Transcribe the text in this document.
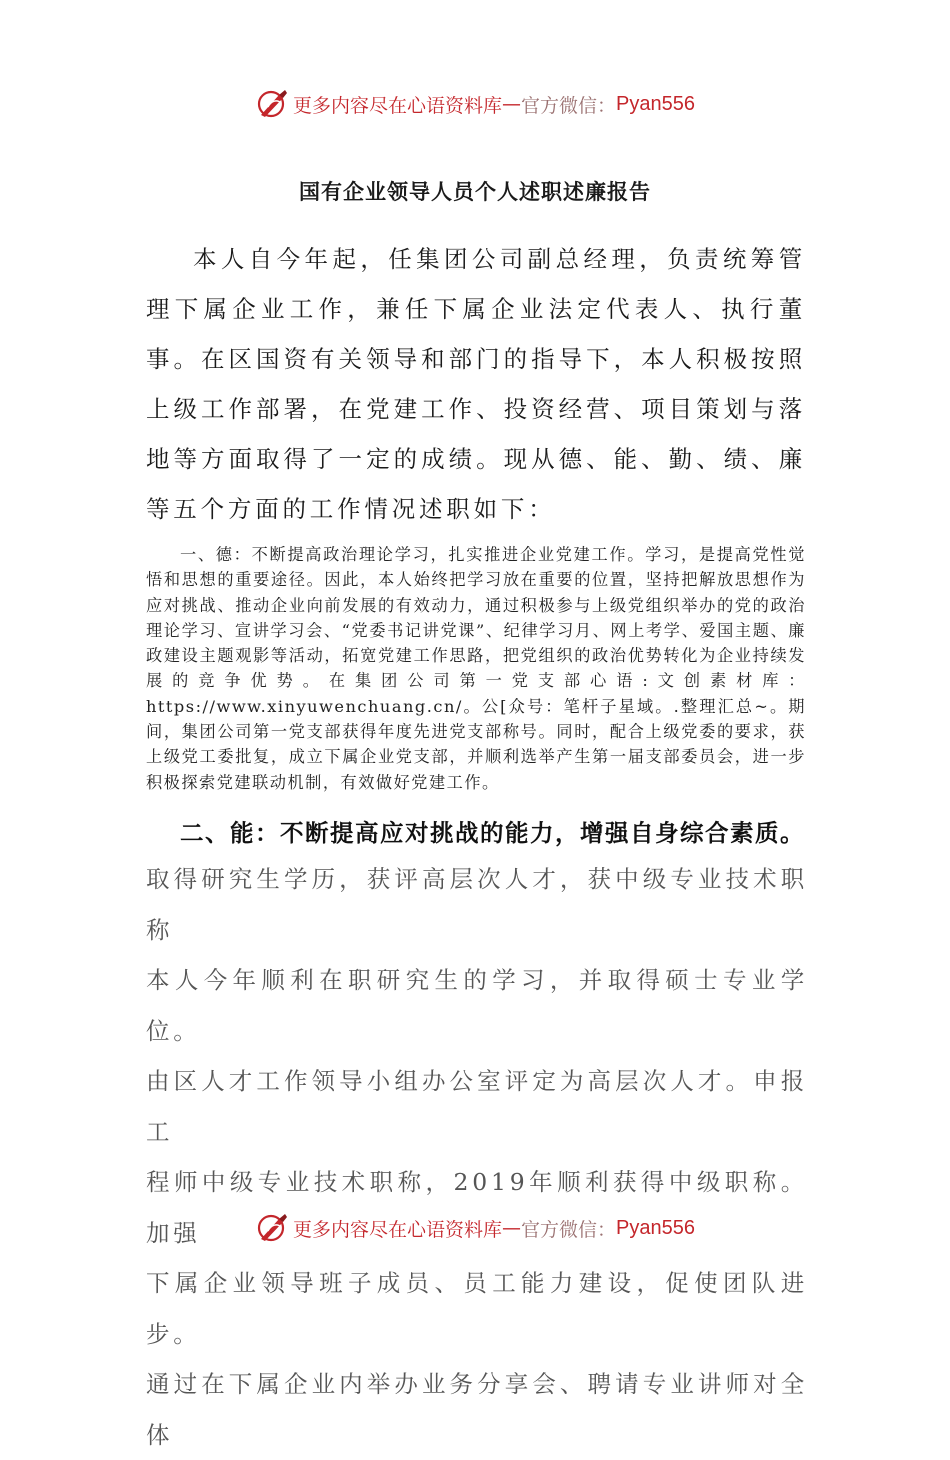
更多内容尽在心语资料库 — 官方微信： Pyan556
国有企业领导人员个人述职述廉报告

本人自今年起，任集团公司副总经理，负责统筹管理下属企业工作，兼任下属企业法定代表人、执行董事。在区国资有关领导和部门的指导下，本人积极按照上级工作部署，在党建工作、投资经营、项目策划与落地等方面取得了一定的成绩。现从德、能、勤、绩、廉等五个方面的工作情况述职如下：

一、德：不断提高政治理论学习，扎实推进企业党建工作。学习，是提高党性觉悟和思想的重要途径。因此，本人始终把学习放在重要的位置，坚持把解放思想作为应对挑战、推动企业向前发展的有效动力，通过积极参与上级党组织举办的党的政治理论学习、宣讲学习会、“党委书记讲党课”、纪律学习月、网上考学、爱国主题、廉政建设主题观影等活动，拓宽党建工作思路，把党组织的政治优势转化为企业持续发展的竞争优势。在集团公司第一党支部心语:文创素材库：https://www.xinyuwenchuang.cn/。公[众号：笔杆子星域。.整理汇总~。期间，集团公司第一党支部获得年度先进党支部称号。同时，配合上级党委的要求，获上级党工委批复，成立下属企业党支部，并顺利选举产生第一届支部委员会，进一步积极探索党建联动机制，有效做好党建工作。

二、能：不断提高应对挑战的能力，增强自身综合素质。

取得研究生学历，获评高层次人才，获中级专业技术职称
本人今年顺利在职研究生的学习，并取得硕士专业学位。
由区人才工作领导小组办公室评定为高层次人才。申报工
程师中级专业技术职称，2019年顺利获得中级职称。加强
下属企业领导班子成员、员工能力建设，促使团队进步。
通过在下属企业内举办业务分享会、聘请专业讲师对全体
更多内容尽在心语资料库 — 官方微信： Pyan556
